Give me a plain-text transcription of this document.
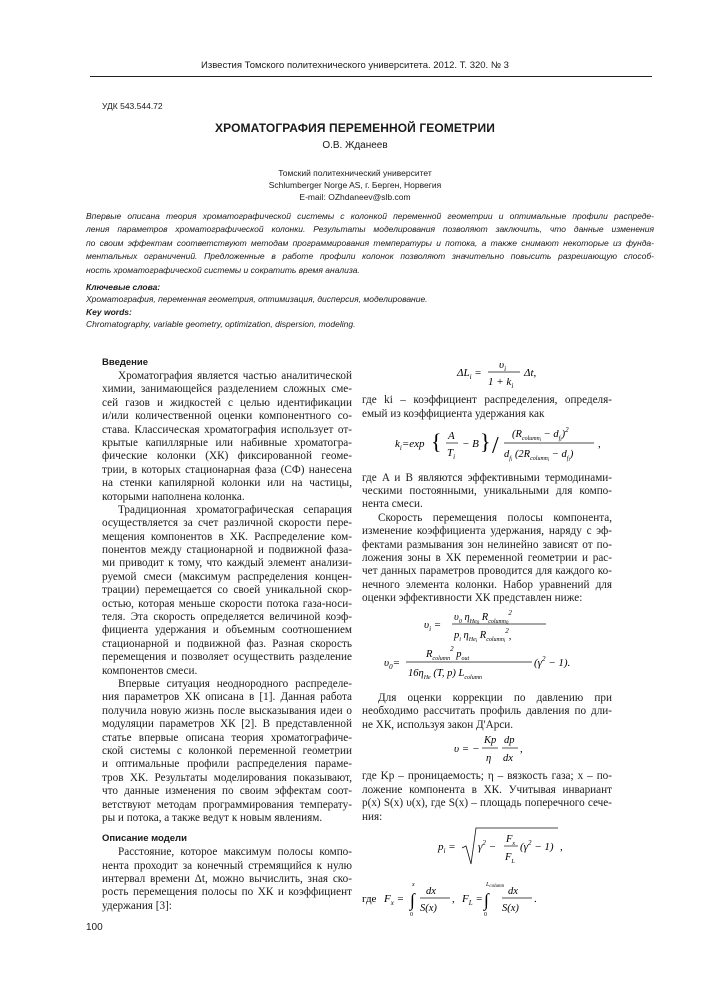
Известия Томского политехнического университета. 2012. Т. 320. № 3
УДК 543.544.72
ХРОМАТОГРАФИЯ ПЕРЕМЕННОЙ ГЕОМЕТРИИ
О.В. Жданеев
Томский политехнический университет
Schlumberger Norge AS, г. Берген, Норвегия
E-mail: OZhdaneev@slb.com
Впервые описана теория хроматографической системы с колонкой переменной геометрии и оптимальные профили распреде-
ления параметров хроматографической колонки. Результаты моделирования позволяют заключить, что данные изменения
по своим эффектам соответствуют методам программирования температуры и потока, а также снимают некоторые из фунда-
ментальных ограничений. Предложенные в работе профили колонок позволяют значительно повысить разрешающую способ-
ность хроматографической системы и сократить время анализа.
Ключевые слова:
Хроматография, переменная геометрия, оптимизация, дисперсия, моделирование.
Key words:
Chromatography, variable geometry, optimization, dispersion, modeling.
Введение
Хроматография является частью аналитической
химии, занимающейся разделением сложных сме-
сей газов и жидкостей с целью идентификации
и/или количественной оценки компонентного со-
става. Классическая хроматография использует от-
крытые капиллярные или набивные хроматогра-
фические колонки (ХК) фиксированной геоме-
трии, в которых стационарная фаза (СФ) нанесена
на стенки капилярной колонки или на частицы,
которыми наполнена колонка.
Традиционная хроматографическая сепарация
осуществляется за счет различной скорости пере-
мещения компонентов в ХК. Распределение ком-
понентов между стационарной и подвижной фаза-
ми приводит к тому, что каждый элемент анализи-
руемой смеси (максимум распределения концен-
трации) перемещается со своей уникальной скор-
остью, которая меньше скорости потока газа-носи-
теля. Эта скорость определяется величиной коэф-
фициента удержания и объемным соотношением
стационарной и подвижной фаз. Разная скорость
перемещения и позволяет осуществить разделение
компонентов смеси.
Впервые ситуация неоднородного распределе-
ния параметров ХК описана в [1]. Данная работа
получила новую жизнь после высказывания идеи о
модуляции параметров ХК [2]. В представленной
статье впервые описана теория хроматографиче-
ской системы с колонкой переменной геометрии
и оптимальные профили распределения параме-
тров ХК. Результаты моделирования показывают,
что данные изменения по своим эффектам соот-
ветствуют методам программирования температу-
ры и потока, а также ведут к новым явлениям.
Описание модели
Расстояние, которое максимум полосы компо-
нента проходит за конечный стремящийся к нулю
интервал времени Δt, можно вычислить, зная ско-
рость перемещения полосы по ХК и коэффициент
удержания [3]:
$\Delta L_i$ =
$\upsilon_i$
$1 + k_i$
Δt,
где ki – коэффициент распределения, определя-
емый из коэффициента удержания как
$k_i=\exp$ { A
$T_i$
− B } / $(R_{column}i - d_fi)^2$
$d_fi$ $(2R_{column}i - d_fi)$
,
где A и B являются эффективными термодинами-
ческими постоянными, уникальными для компо-
нента смеси.
Скорость перемещения полосы компонента,
изменение коэффициента удержания, наряду с эф-
фектами размывания зон нелинейно зависят от по-
ложения зоны в ХК переменной геометрии и рас-
чет данных параметров проводится для каждого ко-
нечного элемента колонки. Набор уравнений для
оценки эффективности ХК представлен ниже:
$\upsilon_i$ =
$\upsilon_0$ $\eta_{He}0$ $R_{column}0^2$
$p_i$ $\eta_{He}i$ $R_{column}i^2$,
$\upsilon_0=$
$R_{column}^2$ $p_{out}$
$16\eta_{He}$ (T, p) $L_{column}$
$(\gamma^2 - 1)$.
Для оценки коррекции по давлению при
необходимо рассчитать профиль давления по дли-
не ХК, используя закон Д'Арси.
υ = −
Kp
η
dp
dx
,
где Kp – проницаемость; η – вязкость газа; x – по-
ложение компонента в ХК. Учитывая инвариант
p(x) S(x) υ(x), где S(x) – площадь поперечного сече-
ния:
$p_i = \gamma^2$ −
$F_x$
$F_L$
$(\gamma^2 - 1)$ ,

где $F_x$ = ∫
x
0
dx
S(x)
, $F_L$ = ∫
Lcolumn
0
dx
S(x)
.
100
